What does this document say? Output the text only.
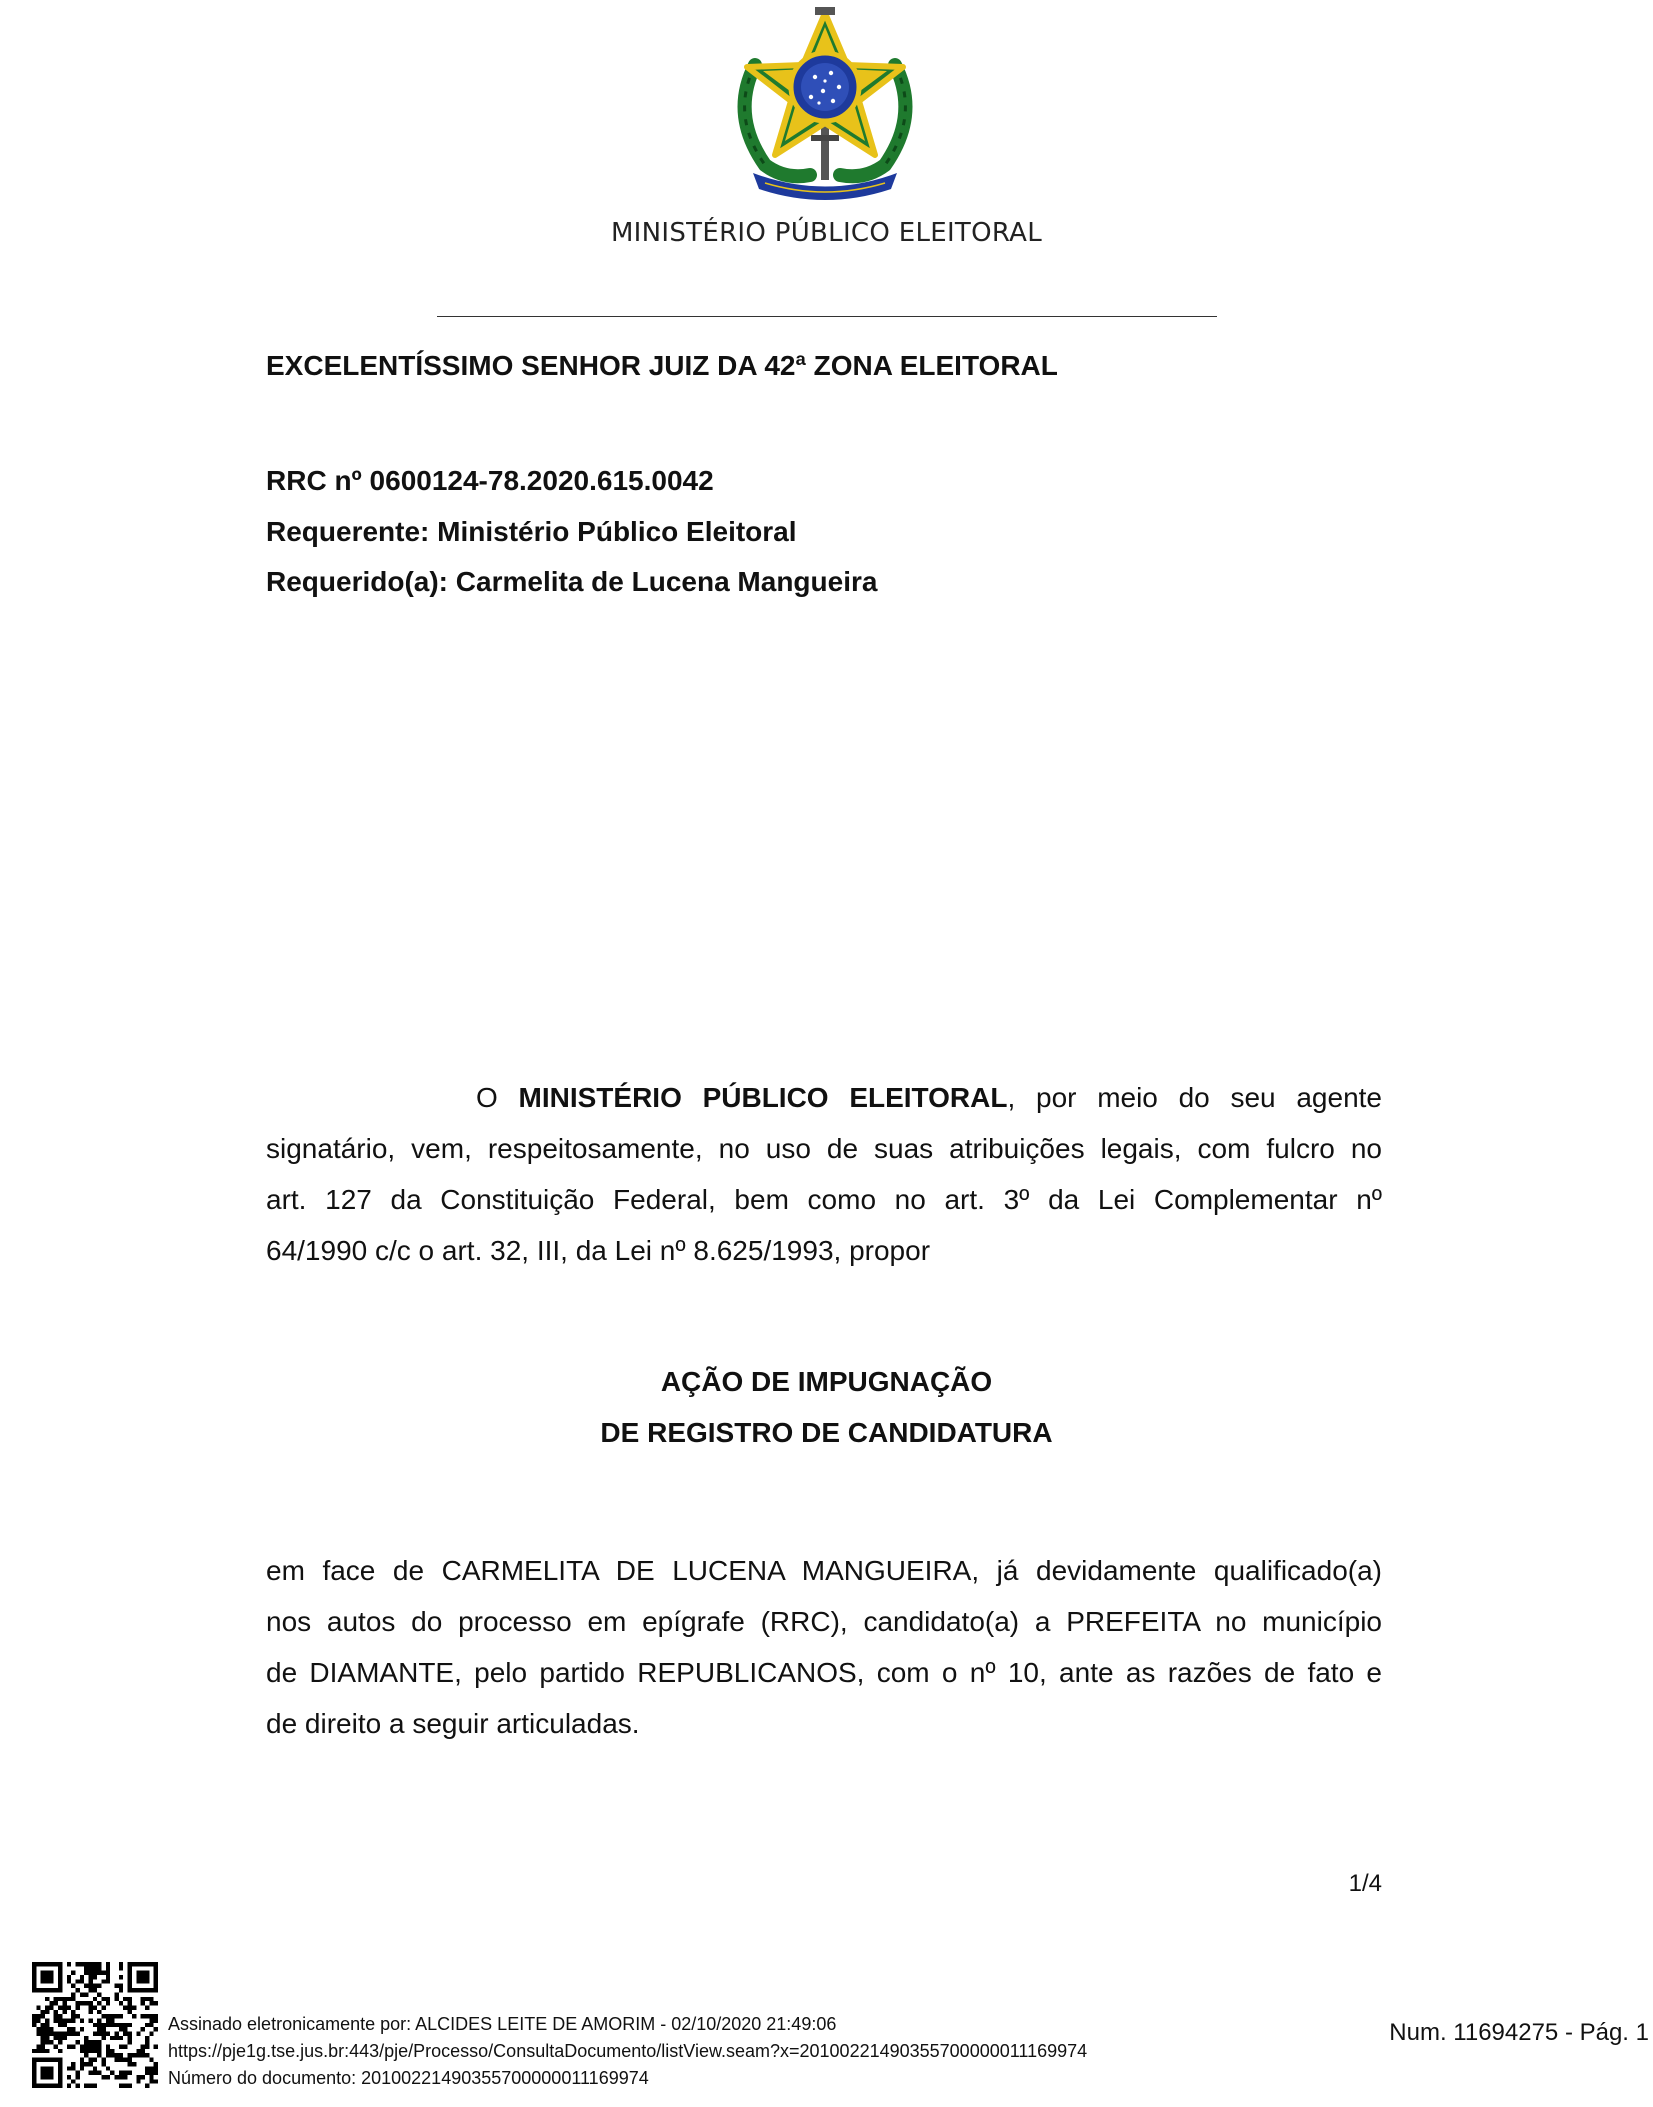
MINISTÉRIO PÚBLICO ELEITORAL
EXCELENTÍSSIMO SENHOR JUIZ DA 42ª ZONA ELEITORAL
RRC nº 0600124-78.2020.615.0042
Requerente: Ministério Público Eleitoral
Requerido(a): Carmelita de Lucena Mangueira
O MINISTÉRIO PÚBLICO ELEITORAL, por meio do seu agente
signatário, vem, respeitosamente, no uso de suas atribuições legais, com fulcro no
art. 127 da Constituição Federal, bem como no art. 3º da Lei Complementar nº
64/1990 c/c o art. 32, III, da Lei nº 8.625/1993, propor
AÇÃO DE IMPUGNAÇÃO
DE REGISTRO DE CANDIDATURA
em face de CARMELITA DE LUCENA MANGUEIRA, já devidamente qualificado(a)
nos autos do processo em epígrafe (RRC), candidato(a) a PREFEITA no município
de DIAMANTE, pelo partido REPUBLICANOS, com o nº 10, ante as razões de fato e
de direito a seguir articuladas.
1/4
Assinado eletronicamente por: ALCIDES LEITE DE AMORIM - 02/10/2020 21:49:06
https://pje1g.tse.jus.br:443/pje/Processo/ConsultaDocumento/listView.seam?x=20100221490355700000011169974
Número do documento: 20100221490355700000011169974
Num. 11694275 - Pág. 1
